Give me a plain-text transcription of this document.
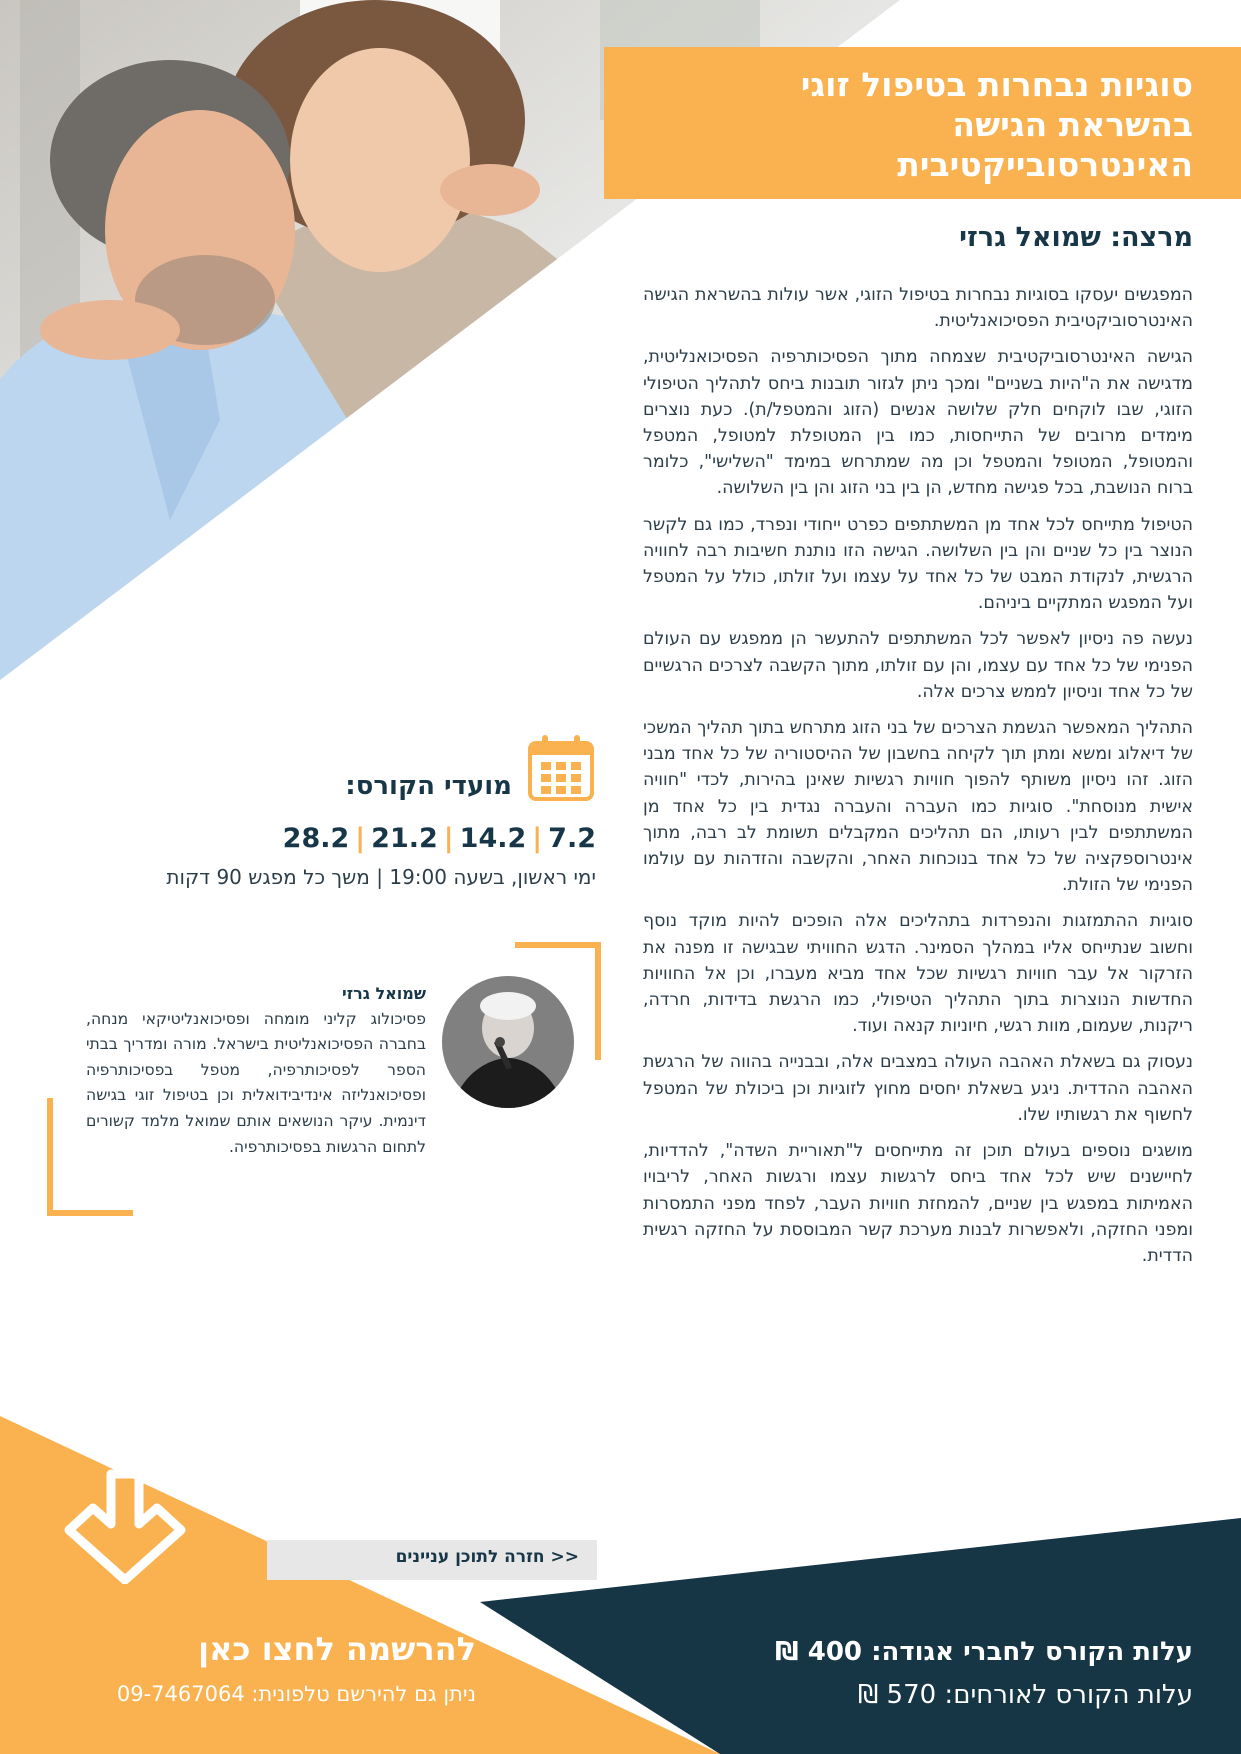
סוגיות נבחרות בטיפול זוגי
בהשראת הגישה
האינטרסובייקטיבית
מרצה: שמואל גרזי

המפגשים יעסקו בסוגיות נבחרות בטיפול הזוגי, אשר עולות בהשראת הגישה האינטרסוביקטיבית הפסיכואנליטית.

הגישה האינטרסוביקטיבית שצמחה מתוך הפסיכותרפיה הפסיכואנליטית, מדגישה את ה"היות בשניים" ומכך ניתן לגזור תובנות ביחס לתהליך הטיפולי הזוגי, שבו לוקחים חלק שלושה אנשים (הזוג והמטפל/ת). כעת נוצרים מימדים מרובים של התייחסות, כמו בין המטופלת למטופל, המטפל והמטופל, המטופל והמטפל וכן מה שמתרחש במימד "השלישי", כלומר ברוח הנושבת, בכל פגישה מחדש, הן בין בני הזוג והן בין השלושה.

הטיפול מתייחס לכל אחד מן המשתתפים כפרט ייחודי ונפרד, כמו גם לקשר הנוצר בין כל שניים והן בין השלושה. הגישה הזו נותנת חשיבות רבה לחוויה הרגשית, לנקודת המבט של כל אחד על עצמו ועל זולתו, כולל על המטפל ועל המפגש המתקיים ביניהם.

נעשה פה ניסיון לאפשר לכל המשתתפים להתעשר הן ממפגש עם העולם הפנימי של כל אחד עם עצמו, והן עם זולתו, מתוך הקשבה לצרכים הרגשיים של כל אחד וניסיון לממש צרכים אלה.

התהליך המאפשר הגשמת הצרכים של בני הזוג מתרחש בתוך תהליך המשכי של דיאלוג ומשא ומתן תוך לקיחה בחשבון של ההיסטוריה של כל אחד מבני הזוג. זהו ניסיון משותף להפוך חוויות רגשיות שאינן בהירות, לכדי "חוויה אישית מנוסחת". סוגיות כמו העברה והעברה נגדית בין כל אחד מן המשתתפים לבין רעותו, הם תהליכים המקבלים תשומת לב רבה, מתוך אינטרוספקציה של כל אחד בנוכחות האחר, והקשבה והזדהות עם עולמו הפנימי של הזולת.

סוגיות ההתמזגות והנפרדות בתהליכים אלה הופכים להיות מוקד נוסף וחשוב שנתייחס אליו במהלך הסמינר. הדגש החוויתי שבגישה זו מפנה את הזרקור אל עבר חוויות רגשיות שכל אחד מביא מעברו, וכן אל החוויות החדשות הנוצרות בתוך התהליך הטיפולי, כמו הרגשת בדידות, חרדה, ריקנות, שעמום, מוות רגשי, חיוניות קנאה ועוד.

נעסוק גם בשאלת האהבה העולה במצבים אלה, ובבנייה בהווה של הרגשת האהבה ההדדית. ניגע בשאלת יחסים מחוץ לזוגיות וכן ביכולת של המטפל לחשוף את רגשותיו שלו.

מושגים נוספים בעולם תוכן זה מתייחסים ל"תאוריית השדה", להדדיות, לחיישנים שיש לכל אחד ביחס לרגשות עצמו ורגשות האחר, לריבויו האמיתות במפגש בין שניים, להמחזת חוויות העבר, לפחד מפני התמסרות ומפני החזקה, ולאפשרות לבנות מערכת קשר המבוססת על החזקה רגשית הדדית.

מועדי הקורס:
7.2|14.2|21.2|28.2
ימי ראשון, בשעה 19:00 | משך כל מפגש 90 דקות
שמואל גרזי
פסיכולוג קליני מומחה ופסיכואנליטיקאי מנחה, בחברה הפסיכואנליטית בישראל. מורה ומדריך בבתי הספר לפסיכותרפיה, מטפל בפסיכותרפיה ופסיכואנליזה אינדיבידואלית וכן בטיפול זוגי בגישה דינמית. עיקר הנושאים אותם שמואל מלמד קשורים לתחום הרגשות בפסיכותרפיה.
<< חזרה לתוכן עניינים
להרשמה לחצו כאן
ניתן גם להירשם טלפונית: 09-7467064
עלות הקורס לחברי אגודה: 400 ₪
עלות הקורס לאורחים: 570 ₪
